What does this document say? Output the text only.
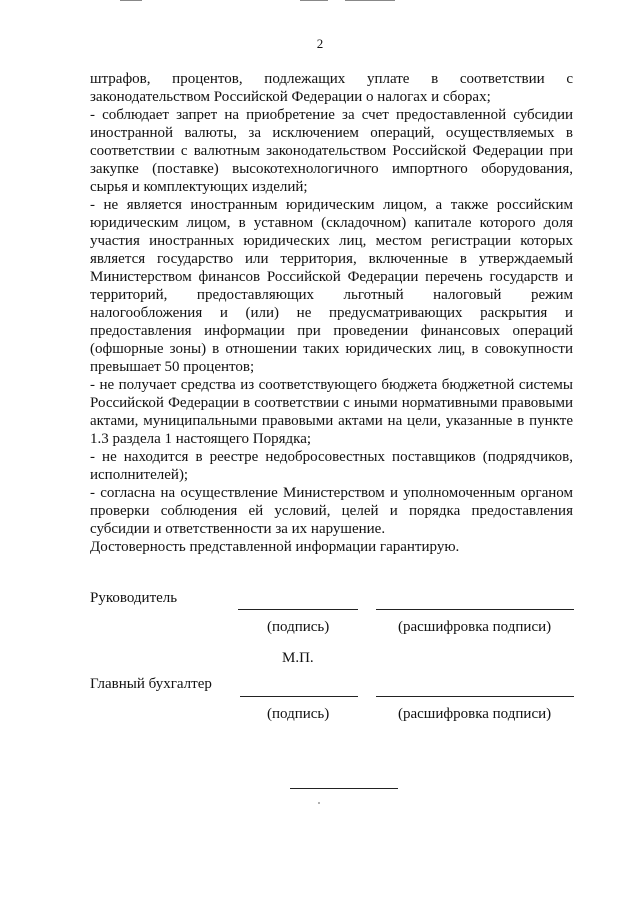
2

штрафов, процентов, подлежащих уплате в соответствии с законодательством Российской Федерации о налогах и сборах;

- соблюдает запрет на приобретение за счет предоставленной субсидии иностранной валюты, за исключением операций, осуществляемых в соответствии с валютным законодательством Российской Федерации при закупке (поставке) высокотехнологичного импортного оборудования, сырья и комплектующих изделий;

- не является иностранным юридическим лицом, а также российским юридическим лицом, в уставном (складочном) капитале которого доля участия иностранных юридических лиц, местом регистрации которых является государство или территория, включенные в утверждаемый Министерством финансов Российской Федерации перечень государств и территорий, предоставляющих льготный налоговый режим налогообложения и (или) не предусматривающих раскрытия и предоставления информации при проведении финансовых операций (офшорные зоны) в отношении таких юридических лиц, в совокупности превышает 50 процентов;

- не получает средства из соответствующего бюджета бюджетной системы Российской Федерации в соответствии с иными нормативными правовыми актами, муниципальными правовыми актами на цели, указанные в пункте 1.3 раздела 1 настоящего Порядка;

- не находится в реестре недобросовестных поставщиков (подрядчиков, исполнителей);

- согласна на осуществление Министерством и уполномоченным органом проверки соблюдения ей условий, целей и порядка предоставления субсидии и ответственности за их нарушение.

Достоверность представленной информации гарантирую.

Руководитель
(подпись)	(расшифровка подписи)
М.П.
Главный бухгалтер
(подпись)	(расшифровка подписи)
